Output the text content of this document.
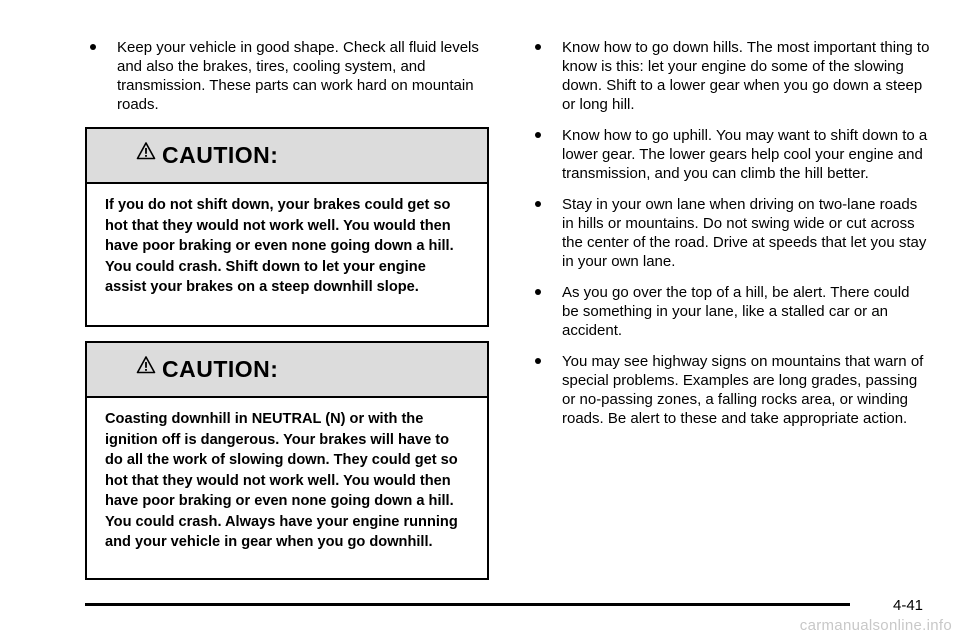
Keep your vehicle in good shape. Check all fluid levels and also the brakes, tires, cooling system, and transmission. These parts can work hard on mountain roads.
CAUTION:
If you do not shift down, your brakes could get so hot that they would not work well. You would then have poor braking or even none going down a hill. You could crash. Shift down to let your engine assist your brakes on a steep downhill slope.
CAUTION:
Coasting downhill in NEUTRAL (N) or with the ignition off is dangerous. Your brakes will have to do all the work of slowing down. They could get so hot that they would not work well. You would then have poor braking or even none going down a hill. You could crash. Always have your engine running and your vehicle in gear when you go downhill.
Know how to go down hills. The most important thing to know is this: let your engine do some of the slowing down. Shift to a lower gear when you go down a steep or long hill.
Know how to go uphill. You may want to shift down to a lower gear. The lower gears help cool your engine and transmission, and you can climb the hill better.
Stay in your own lane when driving on two-lane roads in hills or mountains. Do not swing wide or cut across the center of the road. Drive at speeds that let you stay in your own lane.
As you go over the top of a hill, be alert. There could be something in your lane, like a stalled car or an accident.
You may see highway signs on mountains that warn of special problems. Examples are long grades, passing or no-passing zones, a falling rocks area, or winding roads. Be alert to these and take appropriate action.
4-41
carmanualsonline.info
